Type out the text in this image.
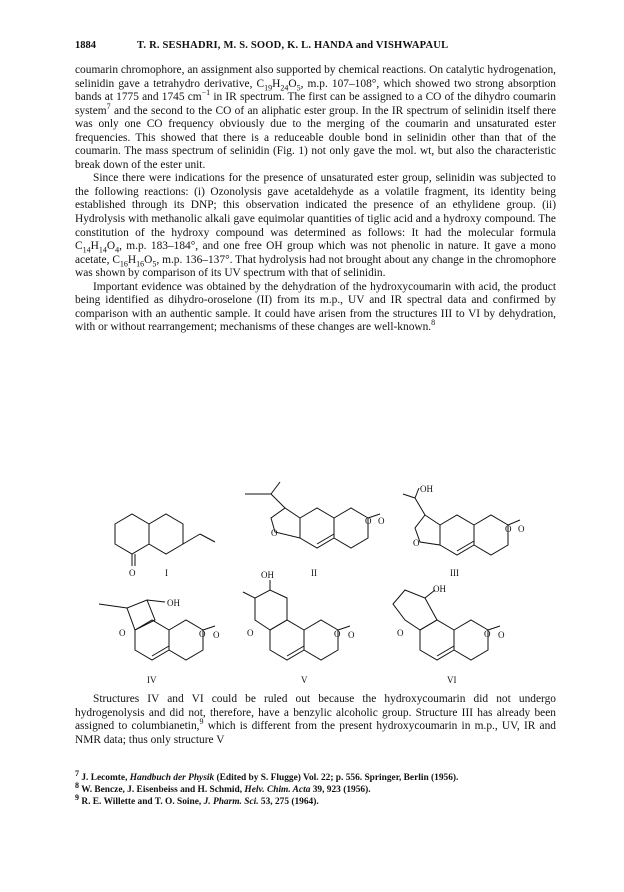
1884	T. R. SESHADRI, M. S. SOOD, K. L. HANDA and VISHWAPAUL

coumarin chromophore, an assignment also supported by chemical reactions. On catalytic hydrogenation, selinidin gave a tetrahydro derivative, $C_{19}H_{24}O_5$, m.p. 107–108°, which showed two strong absorption bands at 1775 and 1745 $cm^{-1}$ in IR spectrum. The first can be assigned to a CO of the dihydro coumarin system$^7$ and the second to the CO of an aliphatic ester group. In the IR spectrum of selinidin itself there was only one CO frequency obviously due to the merging of the coumarin and unsaturated ester frequencies. This showed that there is a reduceable double bond in selinidin other than that of the coumarin. The mass spectrum of selinidin (Fig. 1) not only gave the mol. wt, but also the characteristic break down of the ester unit.

Since there were indications for the presence of unsaturated ester group, selinidin was subjected to the following reactions: (i) Ozonolysis gave acetaldehyde as a volatile fragment, its identity being established through its DNP; this observation indicated the presence of an ethylidene group. (ii) Hydrolysis with methanolic alkali gave equimolar quantities of tiglic acid and a hydroxy compound. The constitution of the hydroxy compound was determined as follows: It had the molecular formula $C_{14}H_{14}O_4$, m.p. 183–184°, and one free OH group which was not phenolic in nature. It gave a mono acetate, $C_{16}H_{16}O_5$, m.p. 136–137°. That hydrolysis had not brought about any change in the chromophore was shown by comparison of its UV spectrum with that of selinidin.

Important evidence was obtained by the dehydration of the hydroxycoumarin with acid, the product being identified as dihydro-oroselone (II) from its m.p., UV and IR spectral data and confirmed by comparison with an authentic sample. It could have arisen from the structures III to VI by dehydration, with or without rearrangement; mechanisms of these changes are well-known.$^8$

O	I
O
O O
II
OH
O
O O
III
OH
O	O O
IV
OH
O	O O
V
OH
O	O O
VI

Structures IV and VI could be ruled out because the hydroxycoumarin did not undergo hydrogenolysis and did not, therefore, have a benzylic alcoholic group. Structure III has already been assigned to columbianetin,$^9$ which is different from the present hydroxycoumarin in m.p., UV, IR and NMR data; thus only structure V

$^7$ J. Lecomte, Handbuch der Physik (Edited by S. Flugge) Vol. 22; p. 556. Springer, Berlin (1956).
$^8$ W. Bencze, J. Eisenbeiss and H. Schmid, Helv. Chim. Acta 39, 923 (1956).
$^9$ R. E. Willette and T. O. Soine, J. Pharm. Sci. 53, 275 (1964).
